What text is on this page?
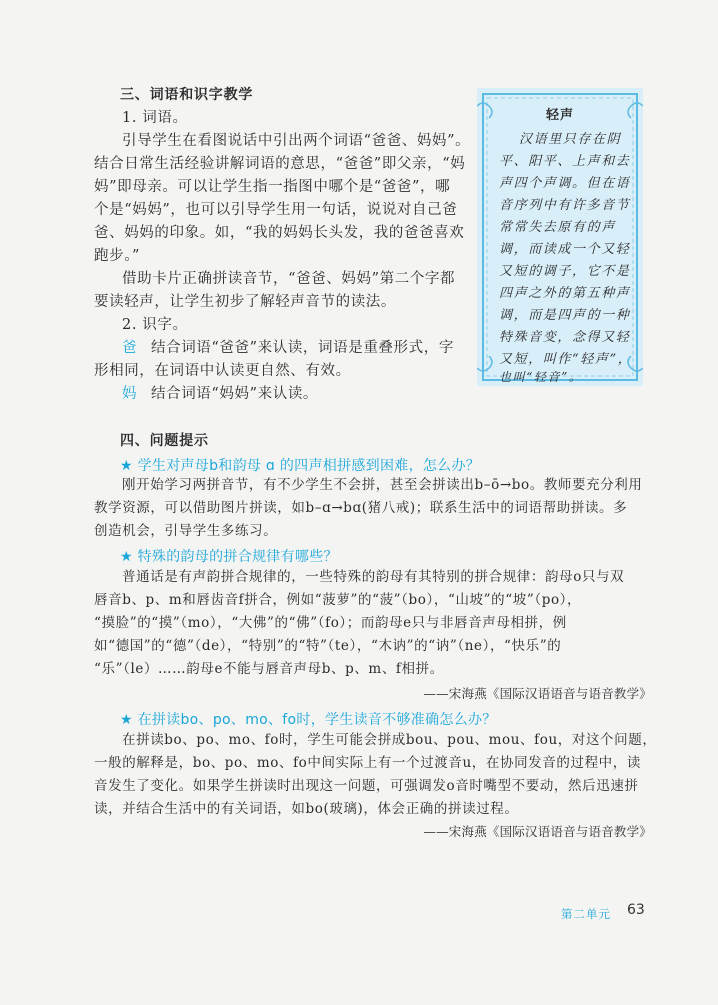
三、词语和识字教学
1. 词语。
引导学生在看图说话中引出两个词语“爸爸、妈妈”。
结合日常生活经验讲解词语的意思，“爸爸”即父亲，“妈
妈”即母亲。可以让学生指一指图中哪个是“爸爸”，哪
个是“妈妈”，也可以引导学生用一句话，说说对自己爸
爸、妈妈的印象。如，“我的妈妈长头发，我的爸爸喜欢
跑步。”
借助卡片正确拼读音节，“爸爸、妈妈”第二个字都
要读轻声，让学生初步了解轻声音节的读法。
2. 识字。
爸 结合词语“爸爸”来认读，词语是重叠形式，字
形相同，在词语中认读更自然、有效。
妈 结合词语“妈妈”来认读。
轻声
汉语里只存在阴
平、阳平、上声和去
声四个声调。但在语
音序列中有许多音节
常常失去原有的声
调，而读成一个又轻
又短的调子，它不是
四声之外的第五种声
调，而是四声的一种
特殊音变，念得又轻
又短，叫作“轻声”，
也叫“轻音”。
四、问题提示
★ 学生对声母b和韵母 ɑ 的四声相拼感到困难，怎么办？
刚开始学习两拼音节，有不少学生不会拼，甚至会拼读出b–ō→bo。教师要充分利用
教学资源，可以借助图片拼读，如b–ɑ→bɑ(猪八戒)；联系生活中的词语帮助拼读。多
创造机会，引导学生多练习。
★ 特殊的韵母的拼合规律有哪些？
普通话是有声韵拼合规律的，一些特殊的韵母有其特别的拼合规律：韵母o只与双
唇音b、p、m和唇齿音f拼合，例如“菠萝”的“菠”（bo），“山坡”的“坡”（po），
“摸脸”的“摸”（mo），“大佛”的“佛”（fo）；而韵母e只与非唇音声母相拼，例
如“德国”的“德”（de），“特别”的“特”（te），“木讷”的“讷”（ne），“快乐”的
“乐”（le）……韵母e不能与唇音声母b、p、m、f相拼。
——宋海燕《国际汉语语音与语音教学》
★ 在拼读bo、po、mo、fo时，学生读音不够准确怎么办？
在拼读bo、po、mo、fo时，学生可能会拼成bou、pou、mou、fou，对这个问题，
一般的解释是，bo、po、mo、fo中间实际上有一个过渡音u，在协同发音的过程中，读
音发生了变化。如果学生拼读时出现这一问题，可强调发o音时嘴型不要动，然后迅速拼
读，并结合生活中的有关词语，如bo(玻璃)，体会正确的拼读过程。
——宋海燕《国际汉语语音与语音教学》
第二单元 63
